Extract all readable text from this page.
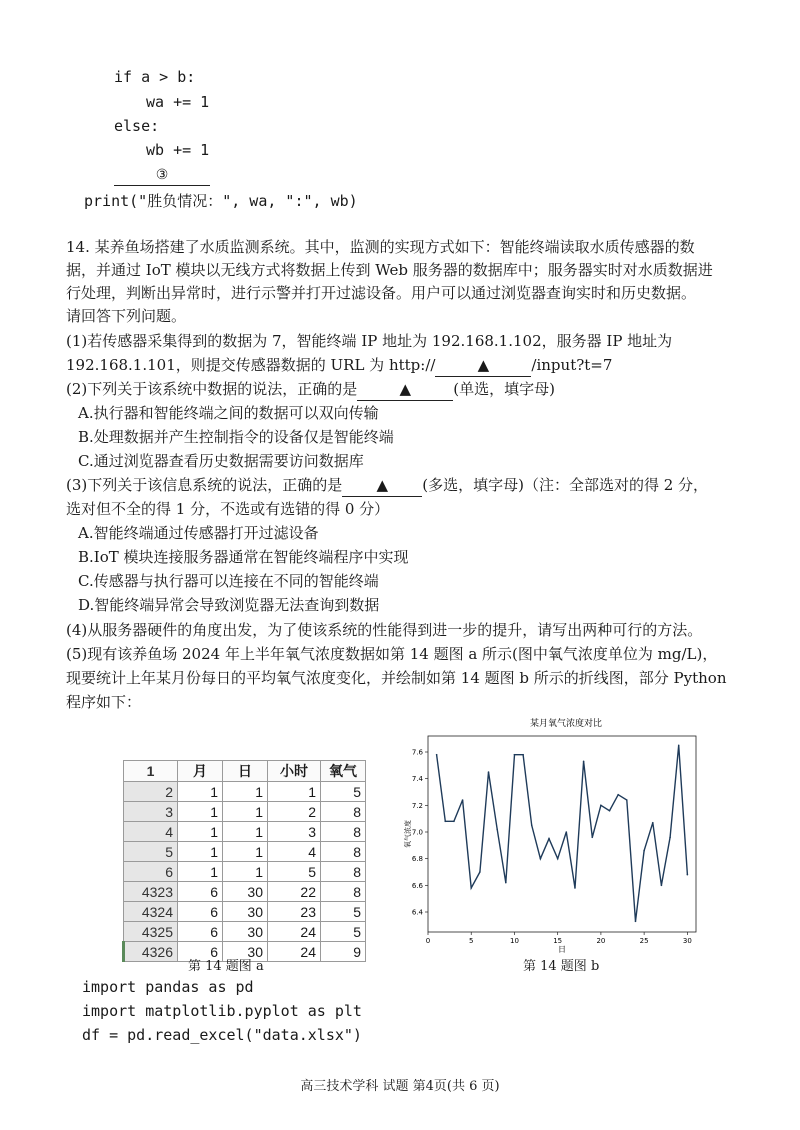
if a > b:
wa += 1
else:
wb += 1
③
print("胜负情况：", wa, ":", wb)
14. 某养鱼场搭建了水质监测系统。其中，监测的实现方式如下：智能终端读取水质传感器的数
据，并通过 IoT 模块以无线方式将数据上传到 Web 服务器的数据库中；服务器实时对水质数据进
行处理，判断出异常时，进行示警并打开过滤设备。用户可以通过浏览器查询实时和历史数据。
请回答下列问题。
(1)若传感器采集得到的数据为 7，智能终端 IP 地址为 192.168.1.102，服务器 IP 地址为
192.168.1.101，则提交传感器数据的 URL 为 http://	▲	/input?t=7
(2)下列关于该系统中数据的说法，正确的是	▲	(单选，填字母)
A.执行器和智能终端之间的数据可以双向传输
B.处理数据并产生控制指令的设备仅是智能终端
C.通过浏览器查看历史数据需要访问数据库
(3)下列关于该信息系统的说法，正确的是 ▲ (多选，填字母)（注：全部选对的得 2 分，
选对但不全的得 1 分，不选或有选错的得 0 分）
A.智能终端通过传感器打开过滤设备
B.IoT 模块连接服务器通常在智能终端程序中实现
C.传感器与执行器可以连接在不同的智能终端
D.智能终端异常会导致浏览器无法查询到数据
(4)从服务器硬件的角度出发，为了使该系统的性能得到进一步的提升，请写出两种可行的方法。
(5)现有该养鱼场 2024 年上半年氧气浓度数据如第 14 题图 a 所示(图中氧气浓度单位为 mg/L)，
现要统计上年某月份每日的平均氧气浓度变化，并绘制如第 14 题图 b 所示的折线图，部分 Python
程序如下：
1	月	日	小时	氧气
2	1	1	1	5
3	1	1	2	8
4	1	1	3	8
5	1	1	4	8
6	1	1	5	8
4323	6	30	22	8
4324	6	30	23	5
4325	6	30	24	5
4326	6	30	24	9
第 14 题图 a
某月氧气浓度对比
6.4
6.6
6.8
7.0
7.2
7.4
7.6
0	5	10	15	20	25	30
日
氧气浓度
第 14 题图 b
import pandas as pd
import matplotlib.pyplot as plt
df = pd.read_excel("data.xlsx")
高三技术学科 试题 第4页(共 6 页)
